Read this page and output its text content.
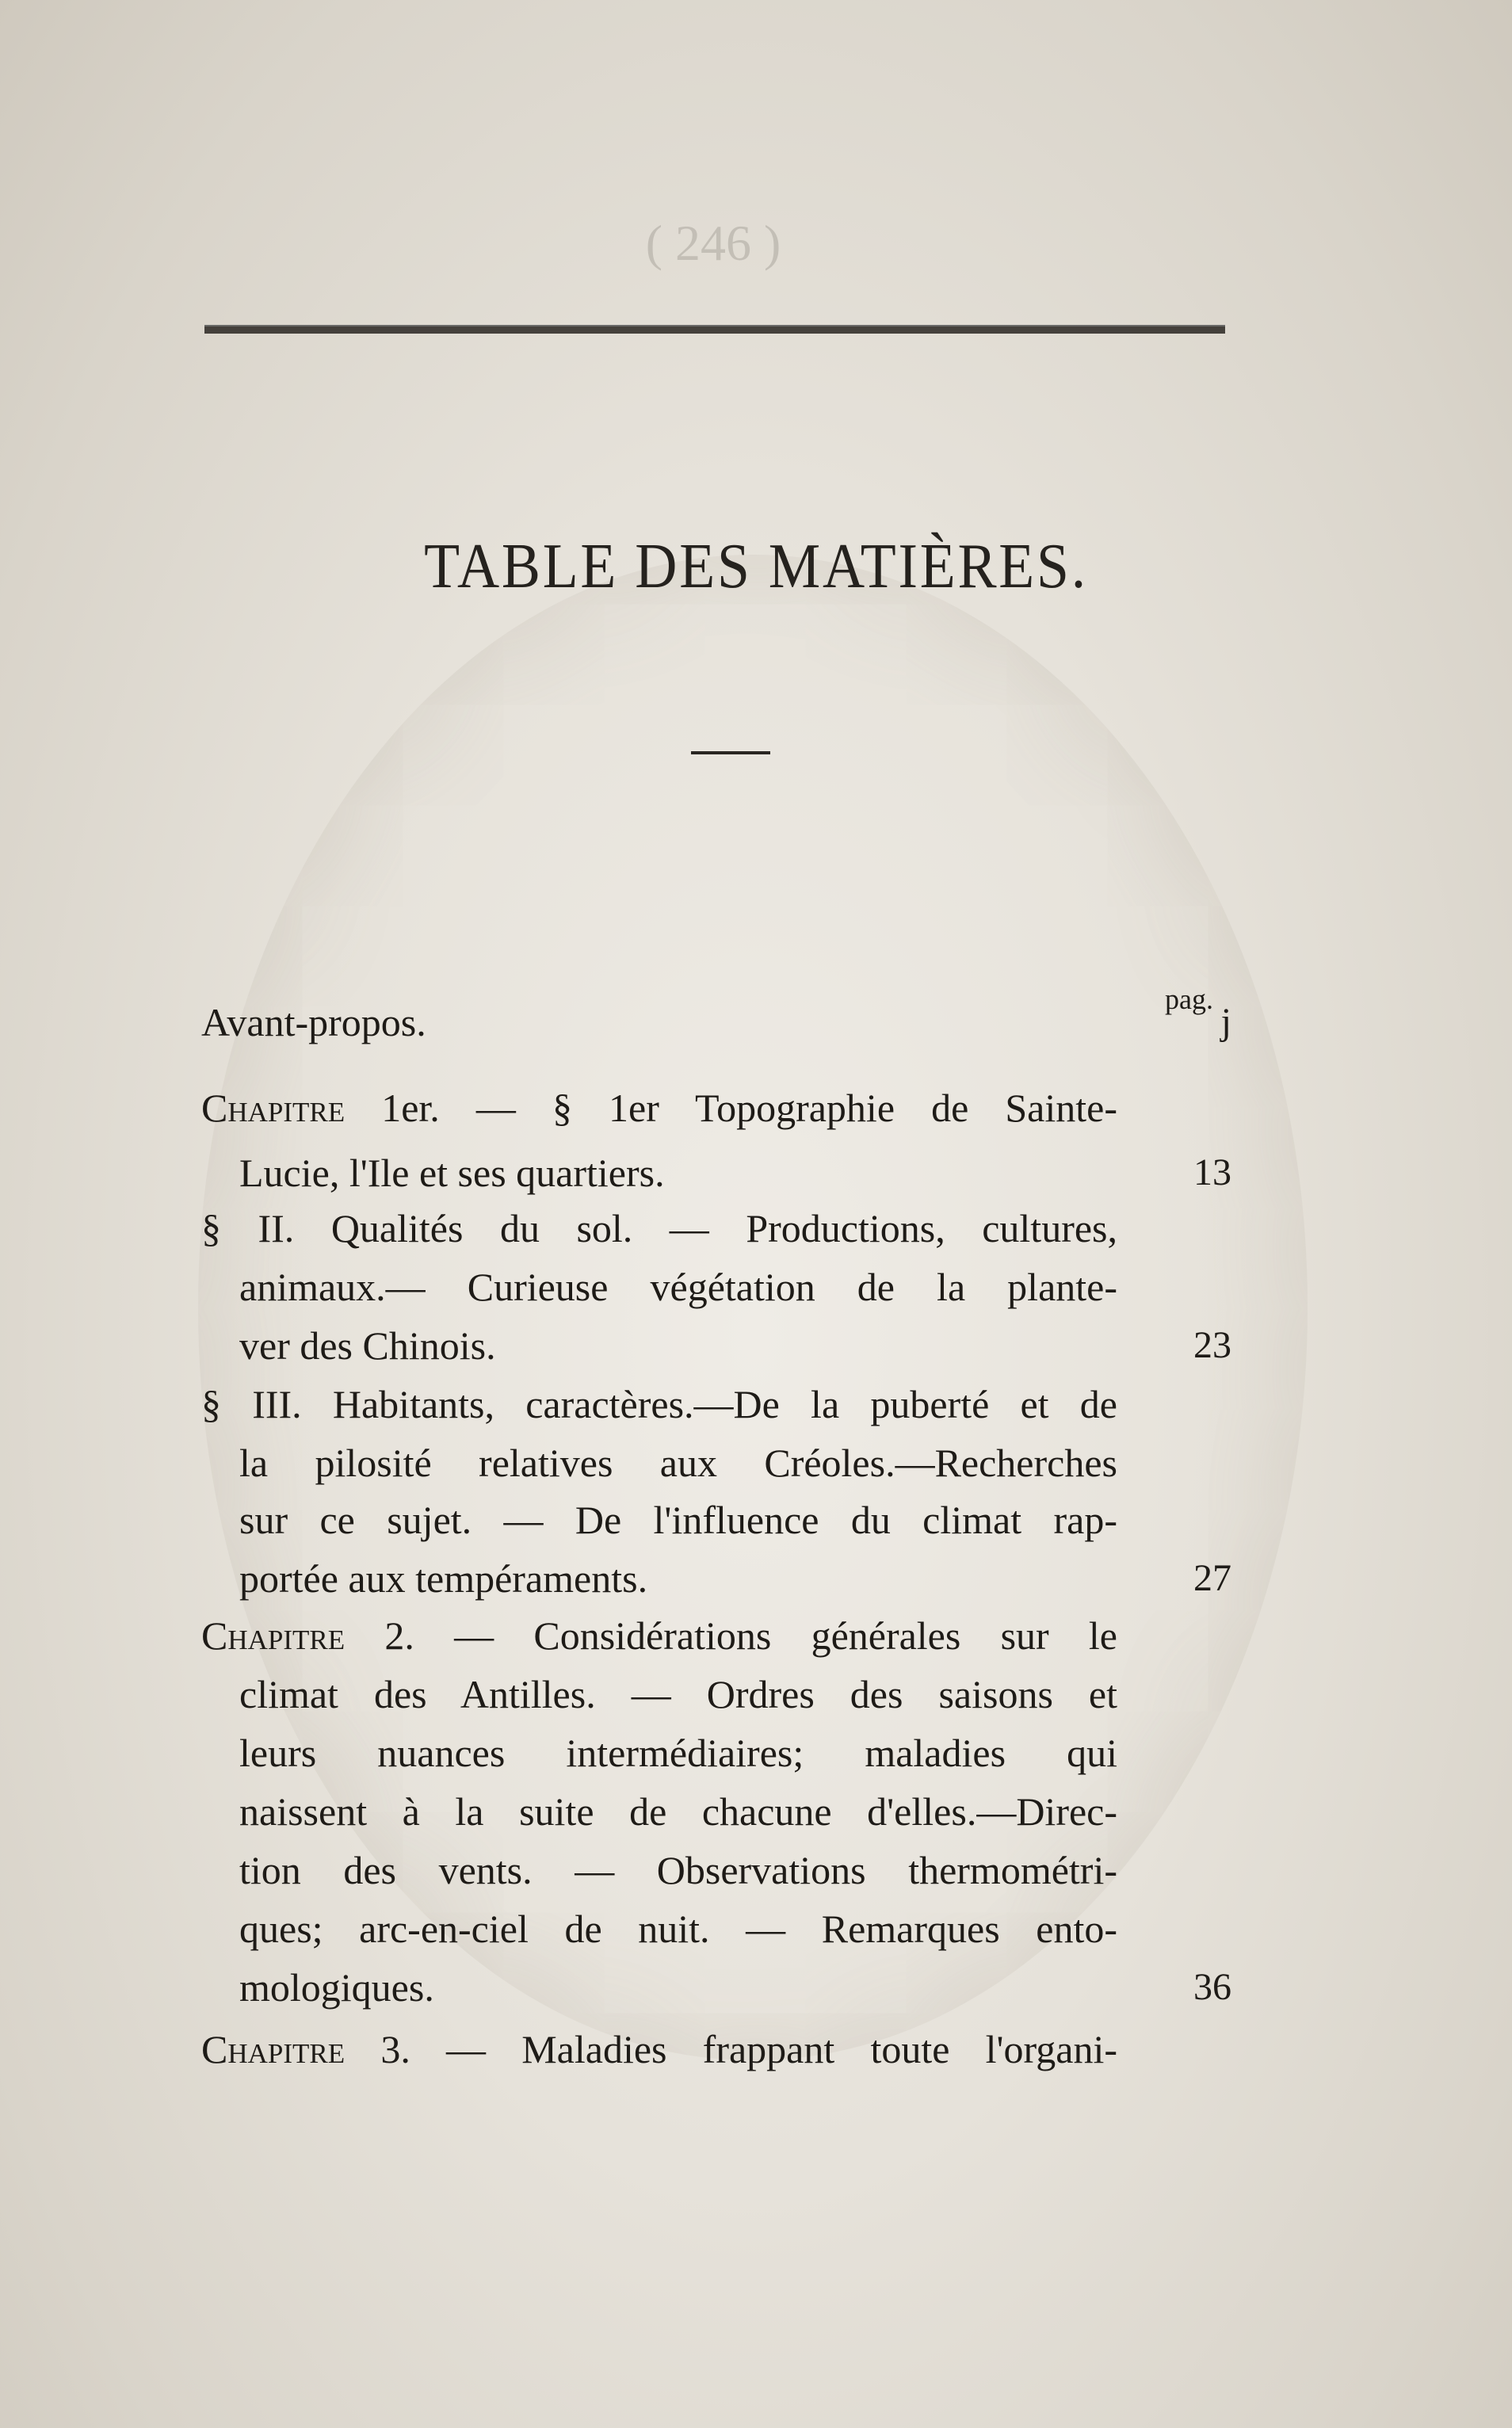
( 246 )
TABLE DES MATIÈRES.
pag.
Avant-propos.	j
Chapitre 1er. — § 1er Topographie de Sainte-
Lucie, l'Ile et ses quartiers.	13
§ II. Qualités du sol. — Productions, cultures,
animaux.— Curieuse végétation de la plante-
ver des Chinois.	23
§ III. Habitants, caractères.—De la puberté et de
la pilosité relatives aux Créoles.—Recherches
sur ce sujet. — De l'influence du climat rap-
portée aux tempéraments.	27
Chapitre 2. — Considérations générales sur le
climat des Antilles. — Ordres des saisons et
leurs nuances intermédiaires; maladies qui
naissent à la suite de chacune d'elles.—Direc-
tion des vents. — Observations thermométri-
ques; arc-en-ciel de nuit. — Remarques ento-
mologiques.	36
Chapitre 3. — Maladies frappant toute l'organi-
